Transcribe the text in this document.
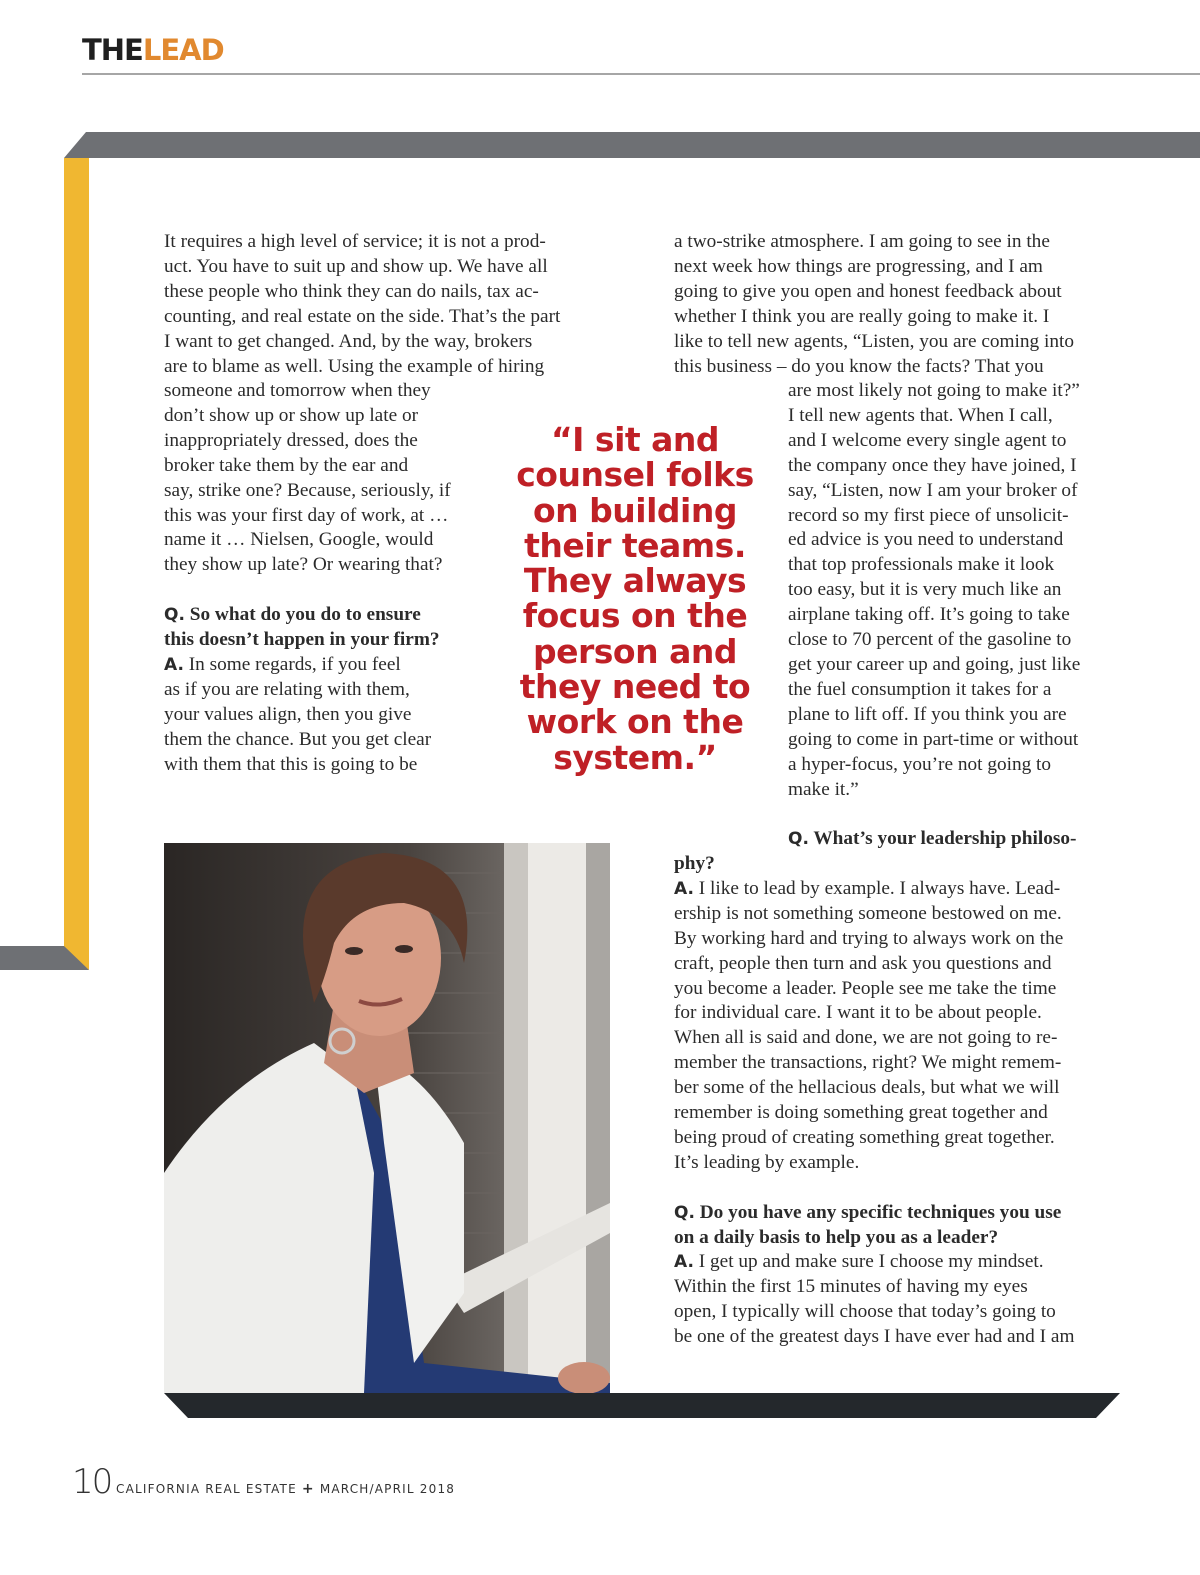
THELEAD

It requires a high level of service; it is not a prod-

uct. You have to suit up and show up. We have all

these people who think they can do nails, tax ac-

counting, and real estate on the side. That’s the part

I want to get changed. And, by the way, brokers

are to blame as well. Using the example of hiring

someone and tomorrow when they

don’t show up or show up late or

inappropriately dressed, does the

broker take them by the ear and

say, strike one? Because, seriously, if

this was your first day of work, at …

name it … Nielsen, Google, would

they show up late? Or wearing that?

Q. So what do you do to ensure

this doesn’t happen in your firm?

A. In some regards, if you feel

as if you are relating with them,

your values align, then you give

them the chance. But you get clear

with them that this is going to be

“I sit and
counsel folks
on building
their teams.
They always
focus on the
person and
they need to
work on the
system.”

a two-strike atmosphere. I am going to see in the

next week how things are progressing, and I am

going to give you open and honest feedback about

whether I think you are really going to make it. I

like to tell new agents, “Listen, you are coming into

this business – do you know the facts? That you

are most likely not going to make it?”

I tell new agents that. When I call,

and I welcome every single agent to

the company once they have joined, I

say, “Listen, now I am your broker of

record so my first piece of unsolicit-

ed advice is you need to understand

that top professionals make it look

too easy, but it is very much like an

airplane taking off. It’s going to take

close to 70 percent of the gasoline to

get your career up and going, just like

the fuel consumption it takes for a

plane to lift off. If you think you are

going to come in part-time or without

a hyper-focus, you’re not going to

make it.”

Q. What’s your leadership philoso-

phy?

A. I like to lead by example. I always have. Lead-

ership is not something someone bestowed on me.

By working hard and trying to always work on the

craft, people then turn and ask you questions and

you become a leader. People see me take the time

for individual care. I want it to be about people.

When all is said and done, we are not going to re-

member the transactions, right? We might remem-

ber some of the hellacious deals, but what we will

remember is doing something great together and

being proud of creating something great together.

It’s leading by example.

Q. Do you have any specific techniques you use

on a daily basis to help you as a leader?

A. I get up and make sure I choose my mindset.

Within the first 15 minutes of having my eyes

open, I typically will choose that today’s going to

be one of the greatest days I have ever had and I am

10 CALIFORNIA REAL ESTATE + MARCH/APRIL 2018
